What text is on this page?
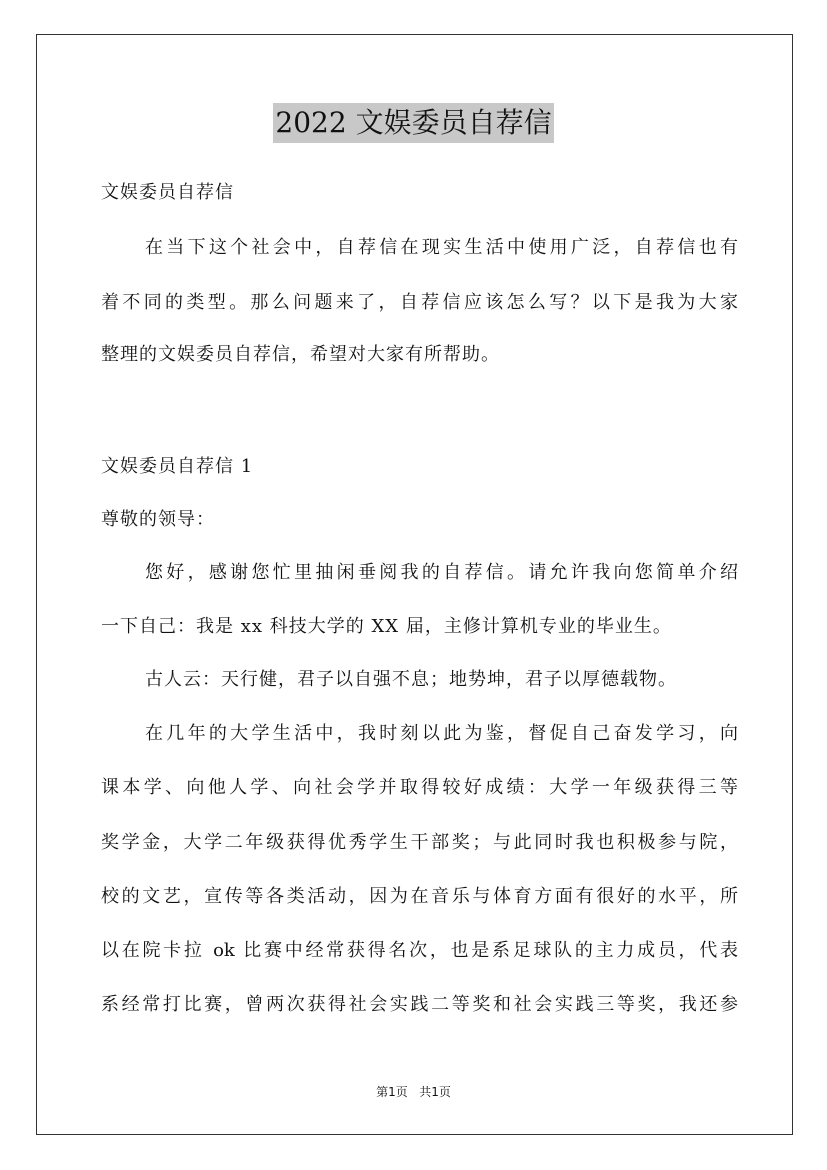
2022 文娱委员自荐信
文娱委员自荐信
在当下这个社会中，自荐信在现实生活中使用广泛，自荐信也有
着不同的类型。那么问题来了，自荐信应该怎么写？以下是我为大家
整理的文娱委员自荐信，希望对大家有所帮助。
文娱委员自荐信 1
尊敬的领导：
您好，感谢您忙里抽闲垂阅我的自荐信。请允许我向您简单介绍
一下自己：我是 xx 科技大学的 XX 届，主修计算机专业的毕业生。
古人云：天行健，君子以自强不息；地势坤，君子以厚德载物。
在几年的大学生活中，我时刻以此为鉴，督促自己奋发学习，向
课本学、向他人学、向社会学并取得较好成绩：大学一年级获得三等
奖学金，大学二年级获得优秀学生干部奖；与此同时我也积极参与院，
校的文艺，宣传等各类活动，因为在音乐与体育方面有很好的水平，所
以在院卡拉 ok 比赛中经常获得名次，也是系足球队的主力成员，代表
系经常打比赛，曾两次获得社会实践二等奖和社会实践三等奖，我还参
第1页 共1页
